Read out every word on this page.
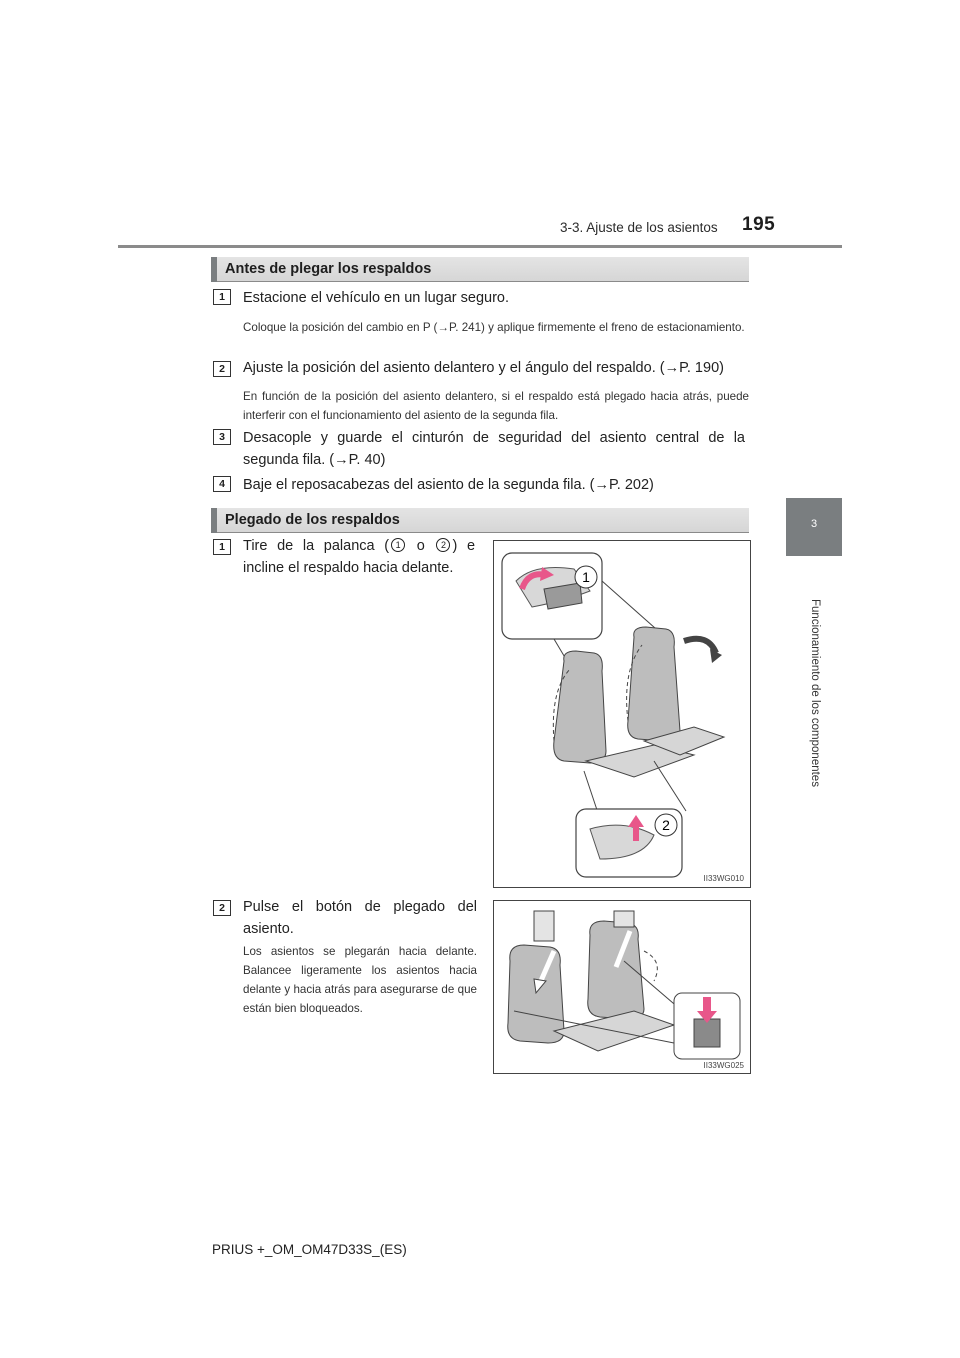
3-3. Ajuste de los asientos 195
3
Funcionamiento de los componentes
Antes de plegar los respaldos
1	Estacione el vehículo en un lugar seguro.
Coloque la posición del cambio en P (→P. 241) y aplique firmemente el freno de estacionamiento.
2	Ajuste la posición del asiento delantero y el ángulo del respaldo. (→P. 190)
En función de la posición del asiento delantero, si el respaldo está plegado hacia atrás, puede interferir con el funcionamiento del asiento de la segunda fila.
3	Desacople y guarde el cinturón de seguridad del asiento central de la segunda fila. (→P. 40)
4	Baje el reposacabezas del asiento de la segunda fila. (→P. 202)
Plegado de los respaldos
1	Tire de la palanca ( 1 o 2 ) e incline el respaldo hacia delante.
1
2
II33WG010
2	Pulse el botón de plegado del asiento.
Los asientos se plegarán hacia delante. Balancee ligeramente los asientos hacia delante y hacia atrás para asegurarse de que están bien bloqueados.
II33WG025
PRIUS +_OM_OM47D33S_(ES)
